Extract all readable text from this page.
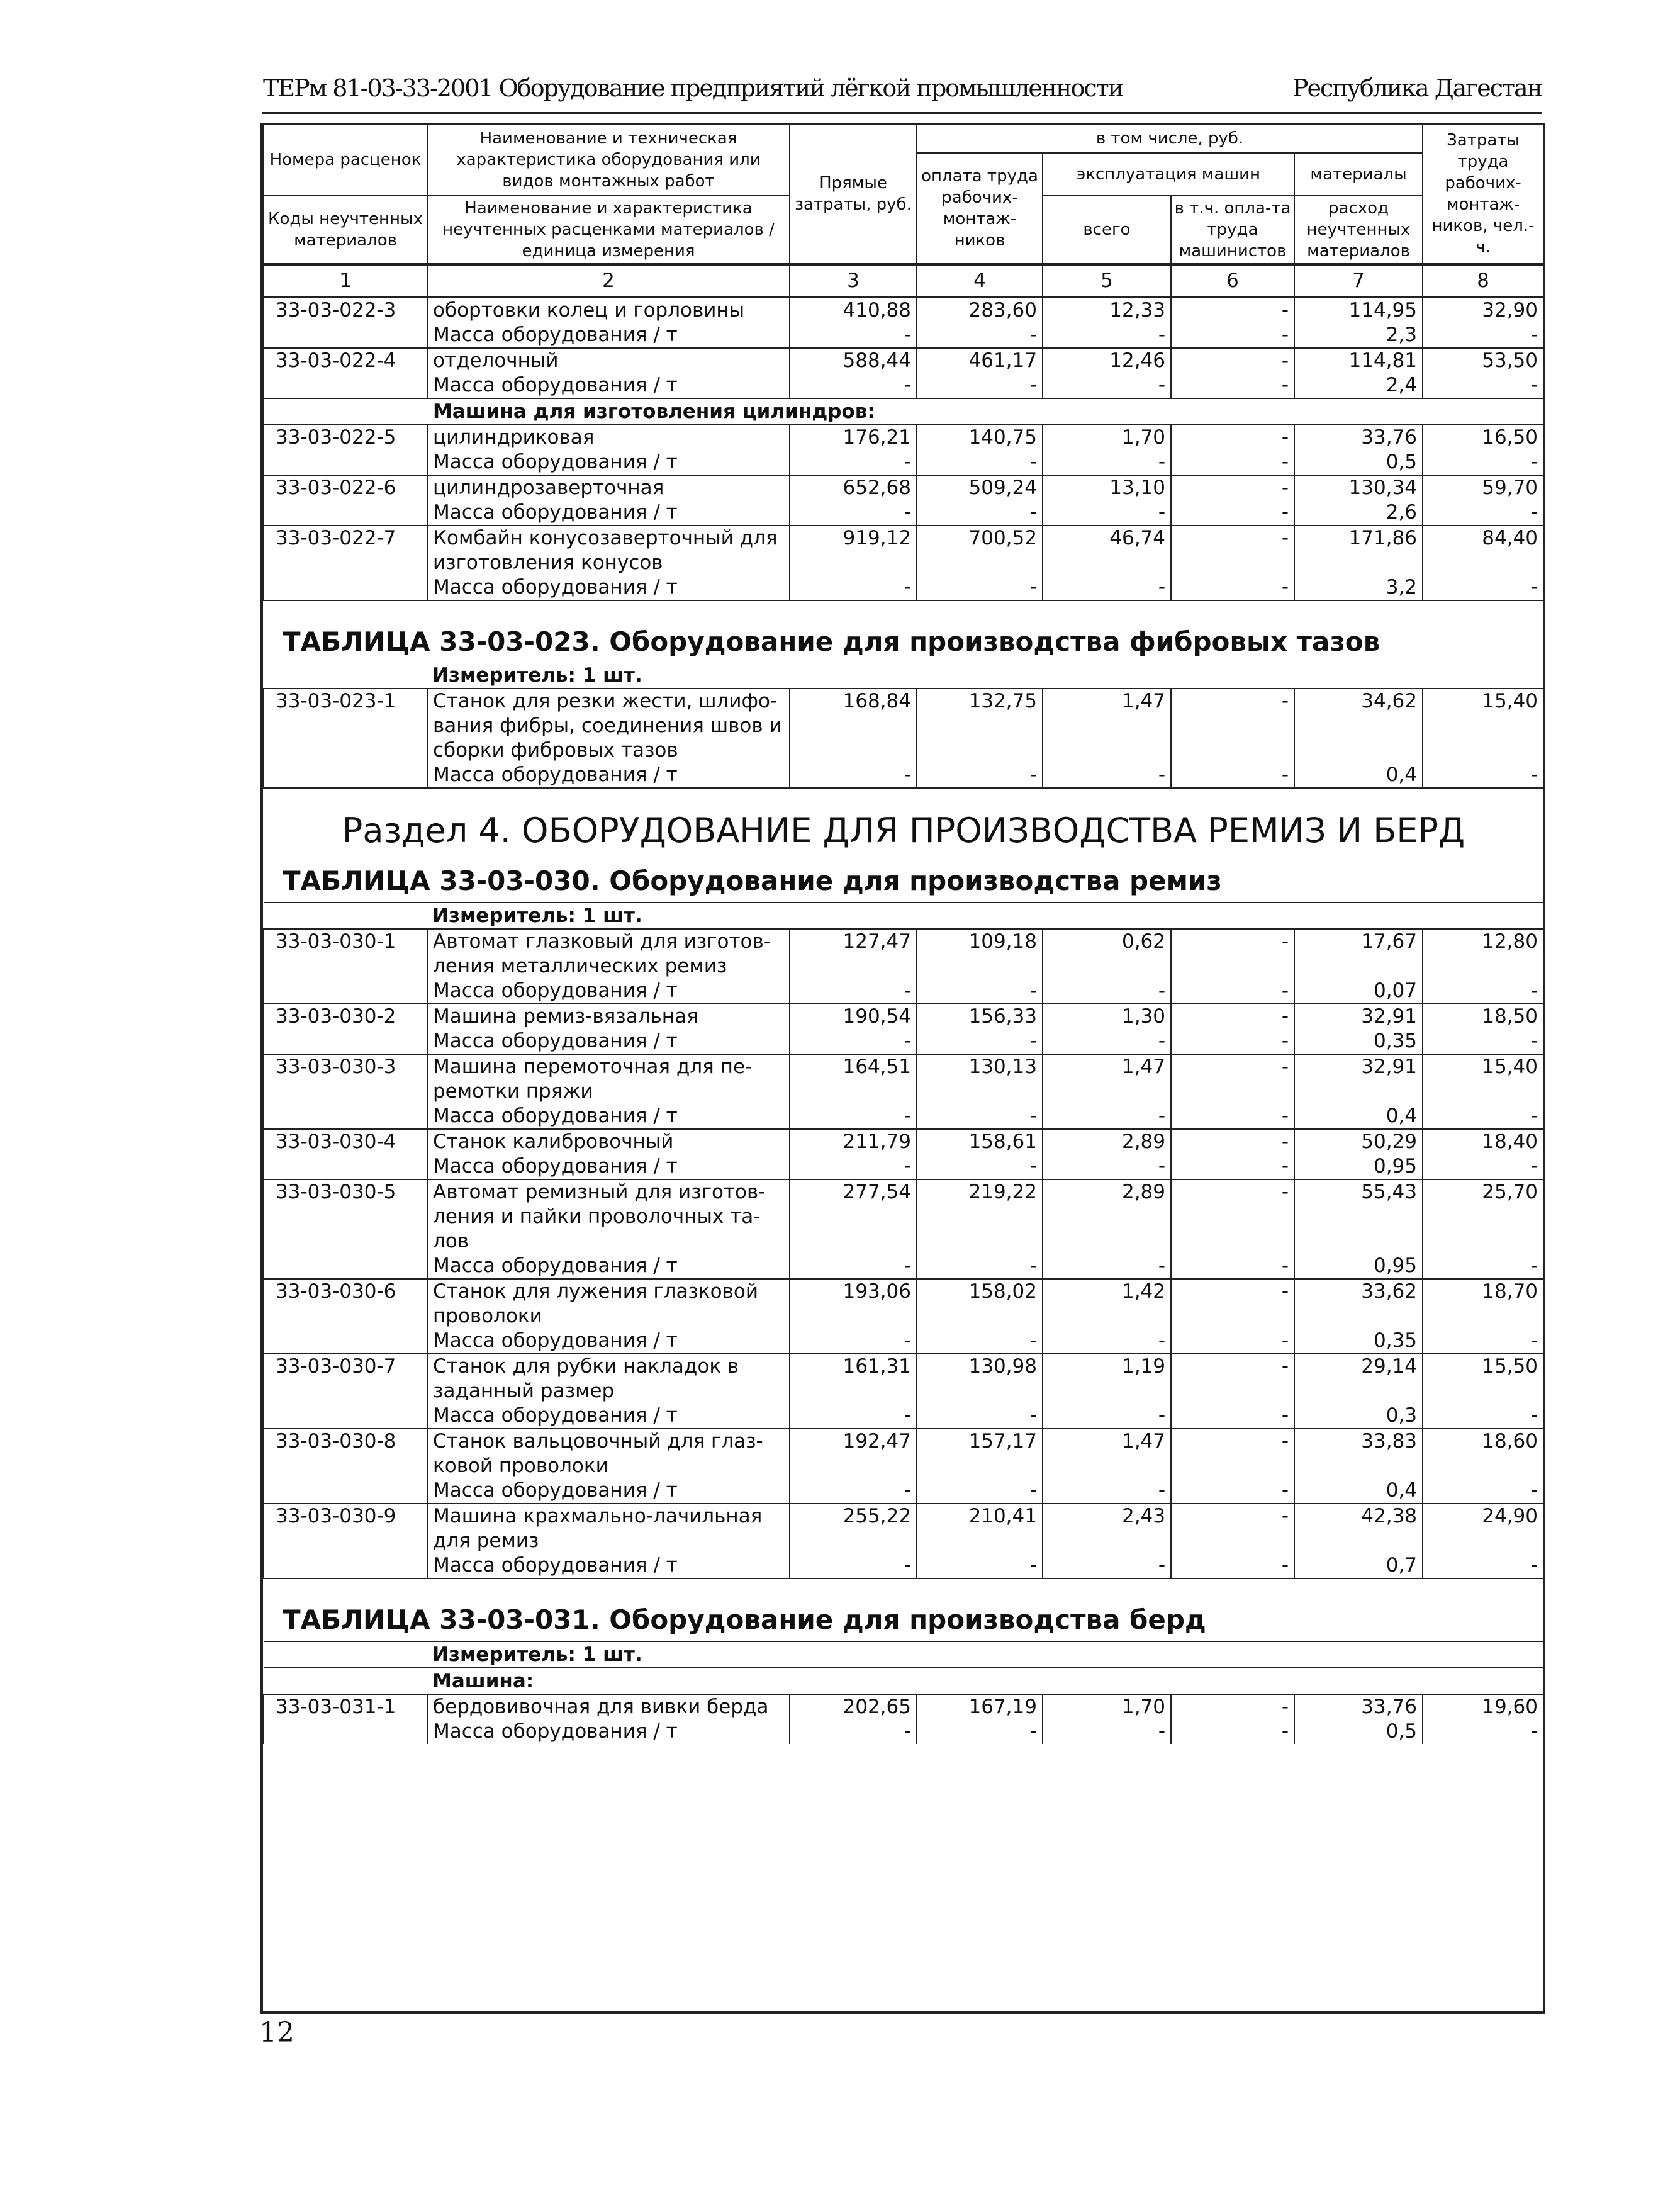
ТЕРм 81-03-33-2001 Оборудование предприятий лёгкой промышленности	Республика Дагестан
Номера расценок	Наименование и техническая характеристика оборудования или видов монтажных работ	Прямые затраты, руб.	в том числе, руб.				Затраты труда рабочих-монтаж-ников, чел.-ч.
			оплата труда рабочих-монтаж-ников	эксплуатация машин		материалы	

Коды неучтенных материалов	Наименование и характеристика неучтенных расценками материалов / единица измерения			всего	в т.ч. опла-та труда машинистов	расход неучтенных материалов	

1	2	3	4	5	6	7	8
33-03-022-3	обортовки колец и горловины	410,88	283,60	12,33	-	114,95	32,90
	Масса оборудования / т	-	-	-	-	2,3	-
33-03-022-4	отделочный	588,44	461,17	12,46	-	114,81	53,50
	Масса оборудования / т	-	-	-	-	2,4	-
Машина для изготовления цилиндров:							
33-03-022-5	цилиндриковая	176,21	140,75	1,70	-	33,76	16,50
	Масса оборудования / т	-	-	-	-	0,5	-
33-03-022-6	цилиндрозаверточная	652,68	509,24	13,10	-	130,34	59,70
	Масса оборудования / т	-	-	-	-	2,6	-
33-03-022-7	Комбайн конусозаверточный для изготовления конусов	919,12	700,52	46,74	-	171,86	84,40
	Масса оборудования / т	-	-	-	-	3,2	-
ТАБЛИЦА 33-03-023. Оборудование для производства фибровых тазов							
Измеритель: 1 шт.							
33-03-023-1	Станок для резки жести, шлифо-вания фибры, соединения швов и сборки фибровых тазов	168,84	132,75	1,47	-	34,62	15,40
	Масса оборудования / т	-	-	-	-	0,4	-
Раздел 4. ОБОРУДОВАНИЕ ДЛЯ ПРОИЗВОДСТВА РЕМИЗ И БЕРД							
ТАБЛИЦА 33-03-030. Оборудование для производства ремиз							
Измеритель: 1 шт.							
33-03-030-1	Автомат глазковый для изготов-ления металлических ремиз	127,47	109,18	0,62	-	17,67	12,80
	Масса оборудования / т	-	-	-	-	0,07	-
33-03-030-2	Машина ремиз-вязальная	190,54	156,33	1,30	-	32,91	18,50
	Масса оборудования / т	-	-	-	-	0,35	-
33-03-030-3	Машина перемоточная для пе-ремотки пряжи	164,51	130,13	1,47	-	32,91	15,40
	Масса оборудования / т	-	-	-	-	0,4	-
33-03-030-4	Станок калибровочный	211,79	158,61	2,89	-	50,29	18,40
	Масса оборудования / т	-	-	-	-	0,95	-
33-03-030-5	Автомат ремизный для изготов-ления и пайки проволочных та-лов	277,54	219,22	2,89	-	55,43	25,70
	Масса оборудования / т	-	-	-	-	0,95	-
33-03-030-6	Станок для лужения глазковой проволоки	193,06	158,02	1,42	-	33,62	18,70
	Масса оборудования / т	-	-	-	-	0,35	-
33-03-030-7	Станок для рубки накладок в заданный размер	161,31	130,98	1,19	-	29,14	15,50
	Масса оборудования / т	-	-	-	-	0,3	-
33-03-030-8	Станок вальцовочный для глаз-ковой проволоки	192,47	157,17	1,47	-	33,83	18,60
	Масса оборудования / т	-	-	-	-	0,4	-
33-03-030-9	Машина крахмально-лачильная для ремиз	255,22	210,41	2,43	-	42,38	24,90
	Масса оборудования / т	-	-	-	-	0,7	-
ТАБЛИЦА 33-03-031. Оборудование для производства берд							
Измеритель: 1 шт.							
Машина:							
33-03-031-1	бердовивочная для вивки берда	202,65	167,19	1,70	-	33,76	19,60
	Масса оборудования / т	-	-	-	-	0,5	-
12
